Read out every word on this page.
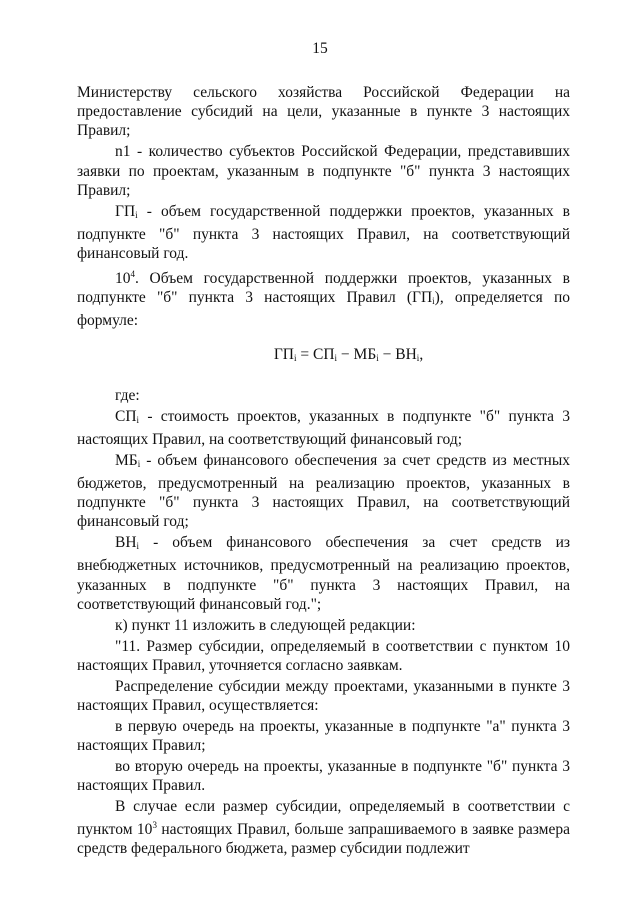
15

Министерству сельского хозяйства Российской Федерации на предоставление субсидий на цели, указанные в пункте 3 настоящих Правил;

n1 - количество субъектов Российской Федерации, представивших заявки по проектам, указанным в подпункте "б" пункта 3 настоящих Правил;

$ГП_i$ - объем государственной поддержки проектов, указанных в подпункте "б" пункта 3 настоящих Правил, на соответствующий финансовый год.

$10^4$. Объем государственной поддержки проектов, указанных в подпункте "б" пункта 3 настоящих Правил $(ГП_i)$, определяется по формуле:

$ГП_i = СП_i - МБ_i - ВН_i$,

где:

$СП_i$ - стоимость проектов, указанных в подпункте "б" пункта 3 настоящих Правил, на соответствующий финансовый год;

$МБ_i$ - объем финансового обеспечения за счет средств из местных бюджетов, предусмотренный на реализацию проектов, указанных в подпункте "б" пункта 3 настоящих Правил, на соответствующий финансовый год;

$ВН_i$ - объем финансового обеспечения за счет средств из внебюджетных источников, предусмотренный на реализацию проектов, указанных в подпункте "б" пункта 3 настоящих Правил, на соответствующий финансовый год.";

к) пункт 11 изложить в следующей редакции:

"11. Размер субсидии, определяемый в соответствии с пунктом 10 настоящих Правил, уточняется согласно заявкам.

Распределение субсидии между проектами, указанными в пункте 3 настоящих Правил, осуществляется:

в первую очередь на проекты, указанные в подпункте "а" пункта 3 настоящих Правил;

во вторую очередь на проекты, указанные в подпункте "б" пункта 3 настоящих Правил.

В случае если размер субсидии, определяемый в соответствии с пунктом $10^3$ настоящих Правил, больше запрашиваемого в заявке размера средств федерального бюджета, размер субсидии подлежит
